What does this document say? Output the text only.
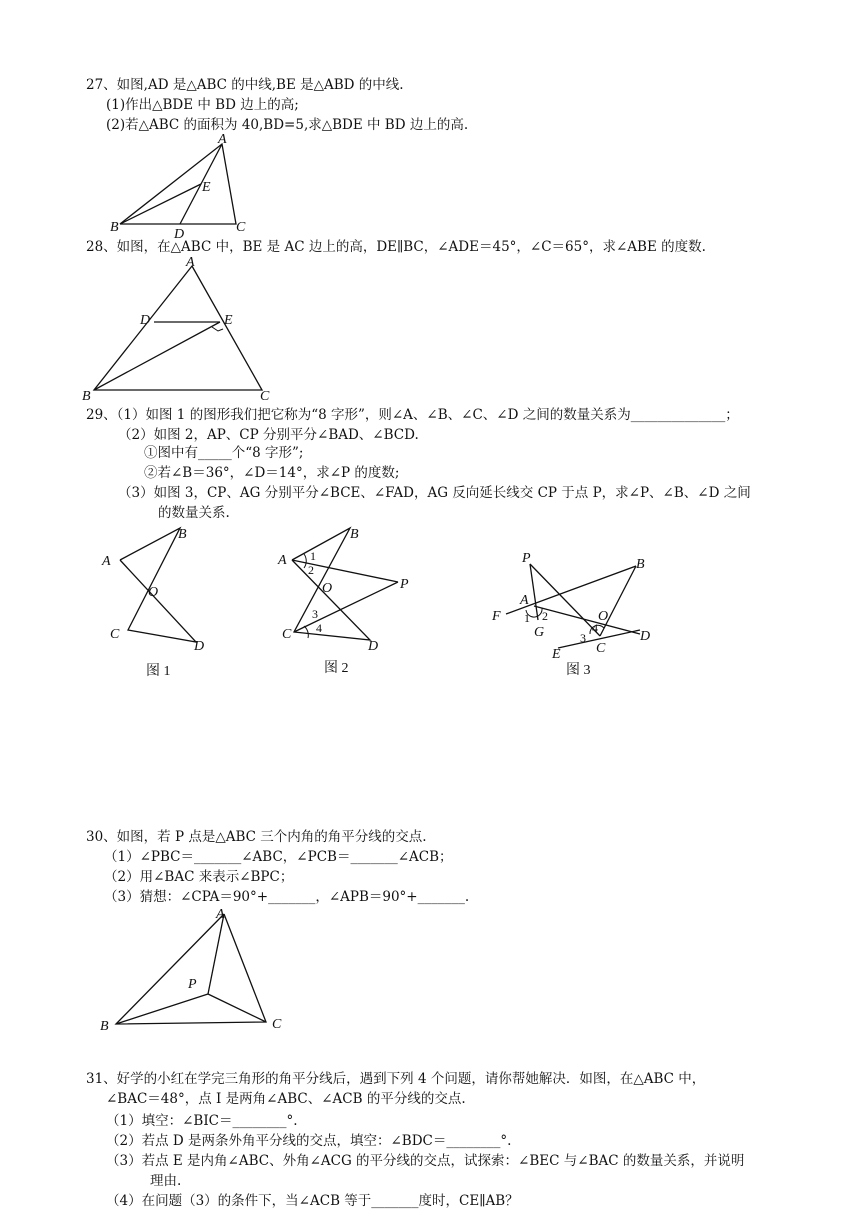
27、如图,AD 是△ABC 的中线,BE 是△ABD 的中线.
(1)作出△BDE 中 BD 边上的高;
(2)若△ABC 的面积为 40,BD=5,求△BDE 中 BD 边上的高.
A
B	C
D
E
28、如图，在△ABC 中，BE 是 AC 边上的高，DE∥BC，∠ADE＝45°，∠C＝65°，求∠ABE 的度数.
A
B	C
D	E
29、（1）如图 1 的图形我们把它称为“8 字形”，则∠A、∠B、∠C、∠D 之间的数量关系为______________；
（2）如图 2，AP、CP 分别平分∠BAD、∠BCD.
①图中有_____个“8 字形”;
②若∠B＝36°，∠D＝14°，求∠P 的度数;
（3）如图 3，CP、AG 分别平分∠BCE、∠FAD，AG 反向延长线交 CP 于点 P，求∠P、∠B、∠D 之间
的数量关系.
A
B
C
D
O
图 1
A
B
C
D
O	P
1
2
3
4
图 2
P	B
A
F
G
O
D
C
E
1 2
3
4
图 3
30、如图，若 P 点是△ABC 三个内角的角平分线的交点.
（1）∠PBC＝_______∠ABC，∠PCB＝_______∠ACB；
（2）用∠BAC 来表示∠BPC；
（3）猜想：∠CPA＝90°+_______，∠APB＝90°+_______.
A
B	C
P
31、好学的小红在学完三角形的角平分线后，遇到下列 4 个问题，请你帮她解决．如图，在△ABC 中，
∠BAC＝48°，点 I 是两角∠ABC、∠ACB 的平分线的交点.
（1）填空：∠BIC＝________°.
（2）若点 D 是两条外角平分线的交点，填空：∠BDC＝________°.
（3）若点 E 是内角∠ABC、外角∠ACG 的平分线的交点，试探索：∠BEC 与∠BAC 的数量关系，并说明
理由.
（4）在问题（3）的条件下，当∠ACB 等于_______度时，CE∥AB？
